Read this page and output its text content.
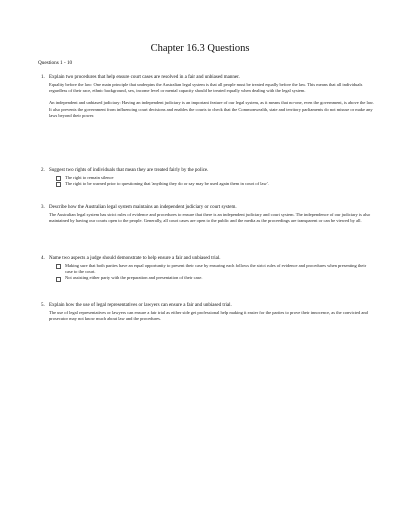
Chapter 16.3 Questions
Questions 1 - 10
1. Explain two procedures that help ensure court cases are resolved in a fair and unbiased manner.
Equality before the law: One main principle that underpins the Australian legal system is that all people must be treated equally before the law. This means that all individuals regardless of their race, ethnic background, sex, income level or mental capacity should be treated equally when dealing with the legal system.
An independent and unbiased judiciary: Having an independent judiciary is an important feature of our legal system, as it means that no-one, even the government, is above the law. It also prevents the government from influencing court decisions and enables the courts to check that the Commonwealth, state and territory parliaments do not misuse or make any laws beyond their power.
2. Suggest two rights of individuals that mean they are treated fairly by the police.
The right to remain silence
The right to be warned prior to questioning that 'anything they do or say may be used again them in court of law'.
3. Describe how the Australian legal system maintains an independent judiciary or court system.
The Australian legal system has strict rules of evidence and procedures to ensure that there is an independent judiciary and court system. The independence of our judiciary is also maintained by having our courts open to the people. Generally, all court cases are open to the public and the media as the proceedings are transparent or can be viewed by all.
4. Name two aspects a judge should demonstrate to help ensure a fair and unbiased trial.
Making sure that both parties have an equal opportunity to present their case by ensuring each follows the strict rules of evidence and procedures when presenting their case to the court.
Not assisting either party with the preparation and presentation of their case.
5. Explain how the use of legal representatives or lawyers can ensure a fair and unbiased trial.
The use of legal representatives or lawyers can ensure a fair trial as either side get professional help making it easier for the parties to prove their innocence, as the convicted and prosecutor may not know much about law and the procedures.
